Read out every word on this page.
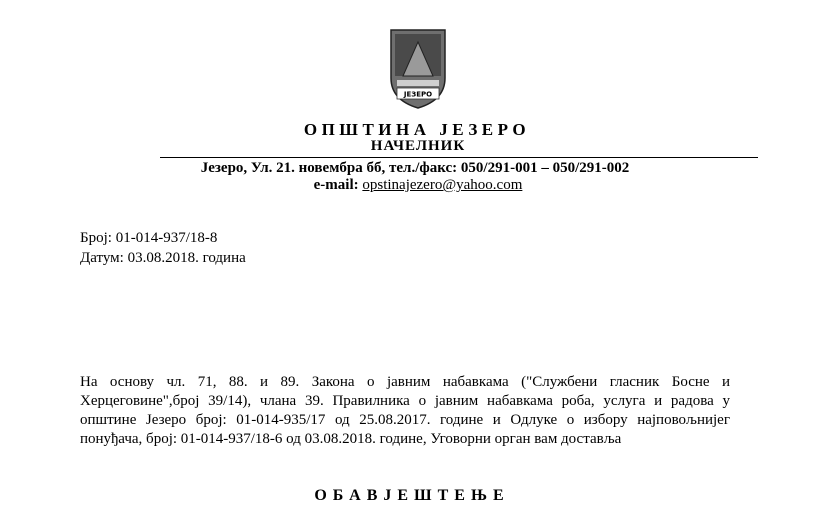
ЈЕЗЕРО
ОПШТИНА ЈЕЗЕРО
НАЧЕЛНИК
Језеро, Ул. 21. новембра бб, тел./факс: 050/291-001 – 050/291-002
e-mail: opstinajezero@yahoo.com
Број: 01-014-937/18-8
Датум: 03.08.2018. година
На основу чл. 71, 88. и 89. Закона о јавним набавкама ("Службени гласник Босне и
Херцеговине",број 39/14), члана 39. Правилника о јавним набавкама роба, услуга и радова у
општине Језеро број: 01-014-935/17 од 25.08.2017. године и Одлуке о избору најповољнијег
понуђача, број: 01-014-937/18-6 од 03.08.2018. године, Уговорни орган вам доставља
ОБАВЈЕШТЕЊЕ
